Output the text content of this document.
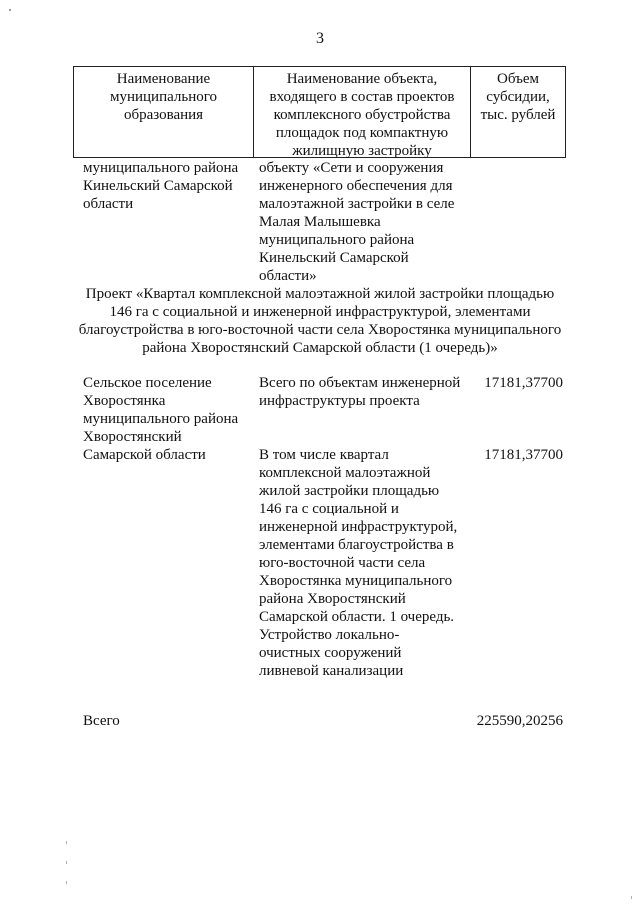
3
Наименование
муниципального
образования
Наименование объекта,
входящего в состав проектов
комплексного обустройства
площадок под компактную
жилищную застройку
Объем
субсидии,
тыс. рублей
муниципального района
Кинельский Самарской
области
объекту «Сети и сооружения
инженерного обеспечения для
малоэтажной застройки в селе
Малая Малышевка
муниципального района
Кинельский Самарской
области»
Проект «Квартал комплексной малоэтажной жилой застройки площадью
146 га с социальной и инженерной инфраструктурой, элементами
благоустройства в юго-восточной части села Хворостянка муниципального
района Хворостянский Самарской области (1 очередь)»
Сельское поселение
Хворостянка
муниципального района
Хворостянский
Всего по объектам инженерной
инфраструктуры проекта
17181,37700
Самарской области	В том числе квартал
комплексной малоэтажной
жилой застройки площадью
146 га с социальной и
инженерной инфраструктурой,
элементами благоустройства в
юго-восточной части села
Хворостянка муниципального
района Хворостянский
Самарской области. 1 очередь.
Устройство локально-
очистных сооружений
ливневой канализации
17181,37700
Всего	225590,20256
